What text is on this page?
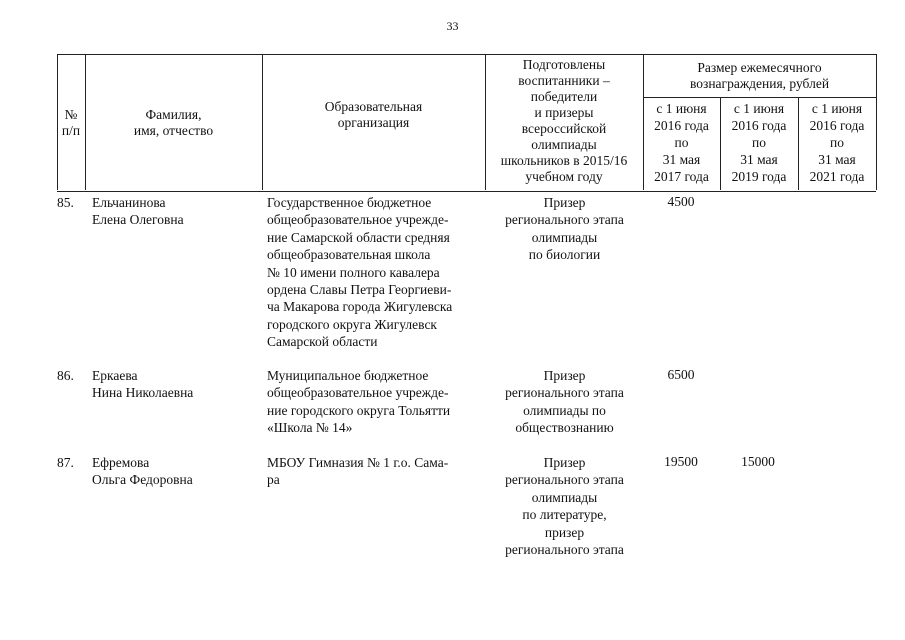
33
№
п/п
Фамилия,
имя, отчество
Образовательная
организация
Подготовлены
воспитанники –
победители
и призеры
всероссийской
олимпиады
школьников в 2015/16
учебном году
Размер ежемесячного
вознаграждения, рублей
с 1 июня
2016 года
по
31 мая
2017 года
с 1 июня
2016 года
по
31 мая
2019 года
с 1 июня
2016 года
по
31 мая
2021 года
85. Ельчанинова
Елена Олеговна
Государственное бюджетное
общеобразовательное учрежде-
ние Самарской области средняя
общеобразовательная школа
№ 10 имени полного кавалера
ордена Славы Петра Георгиеви-
ча Макарова города Жигулевска
городского округа Жигулевск
Самарской области
Призер
регионального этапа
олимпиады
по биологии
4500
86. Еркаева
Нина Николаевна
Муниципальное бюджетное
общеобразовательное учрежде-
ние городского округа Тольятти
«Школа № 14»
Призер
регионального этапа
олимпиады по
обществознанию
6500
87. Ефремова
Ольга Федоровна
МБОУ Гимназия № 1 г.о. Сама-
ра
Призер
регионального этапа
олимпиады
по литературе,
призер
регионального этапа
19500	15000
